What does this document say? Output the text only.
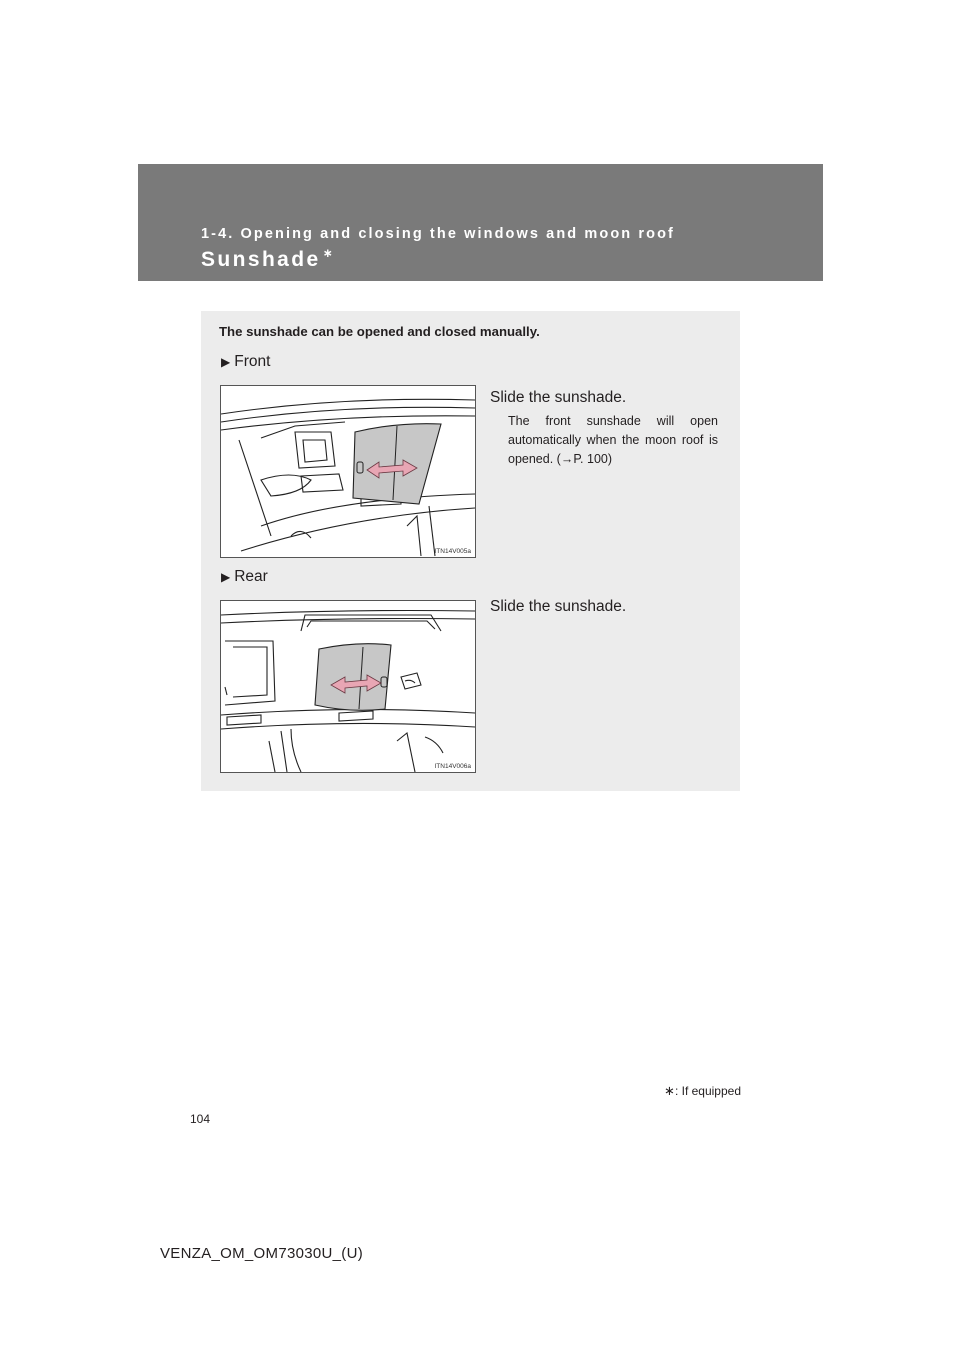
1-4. Opening and closing the windows and moon roof

Sunshade ∗

The sunshade can be opened and closed manually.

▶ Front

ITN14V005a

Slide the sunshade.

The front sunshade will open automatically when the moon roof is opened. (→P. 100)

▶ Rear

ITN14V006a

Slide the sunshade.

∗: If equipped

104

VENZA_OM_OM73030U_(U)
